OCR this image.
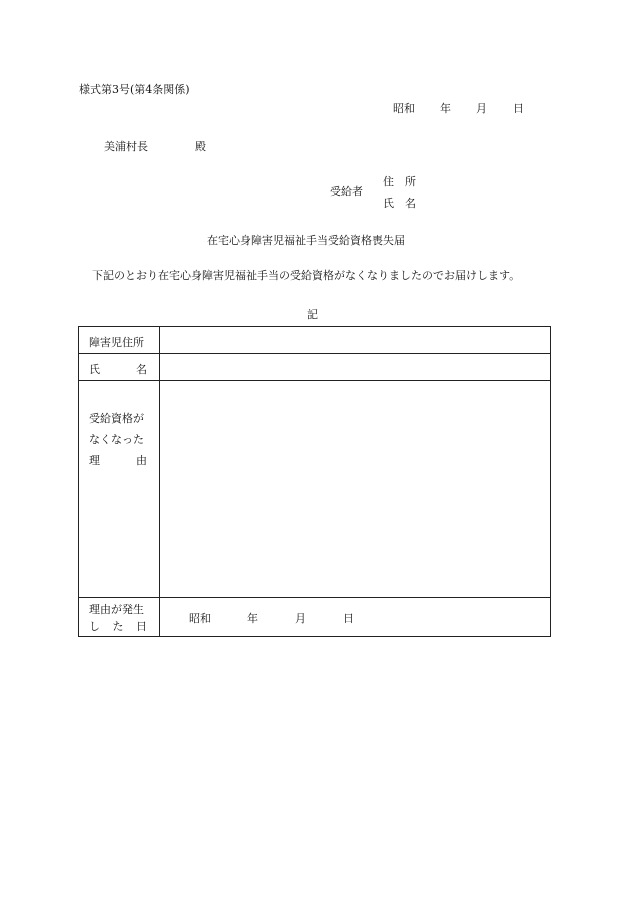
様式第3号(第4条関係)
昭和 年 月 日
美浦村長	殿
受給者
住　所
氏　名
在宅心身障害児福祉手当受給資格喪失届
下記のとおり在宅心身障害児福祉手当の受給資格がなくなりましたのでお届けします。
記
障害児住所
氏	名
受給資格が
なくなった
理	由
理由が発生
し た 日
昭和	年	月	日
